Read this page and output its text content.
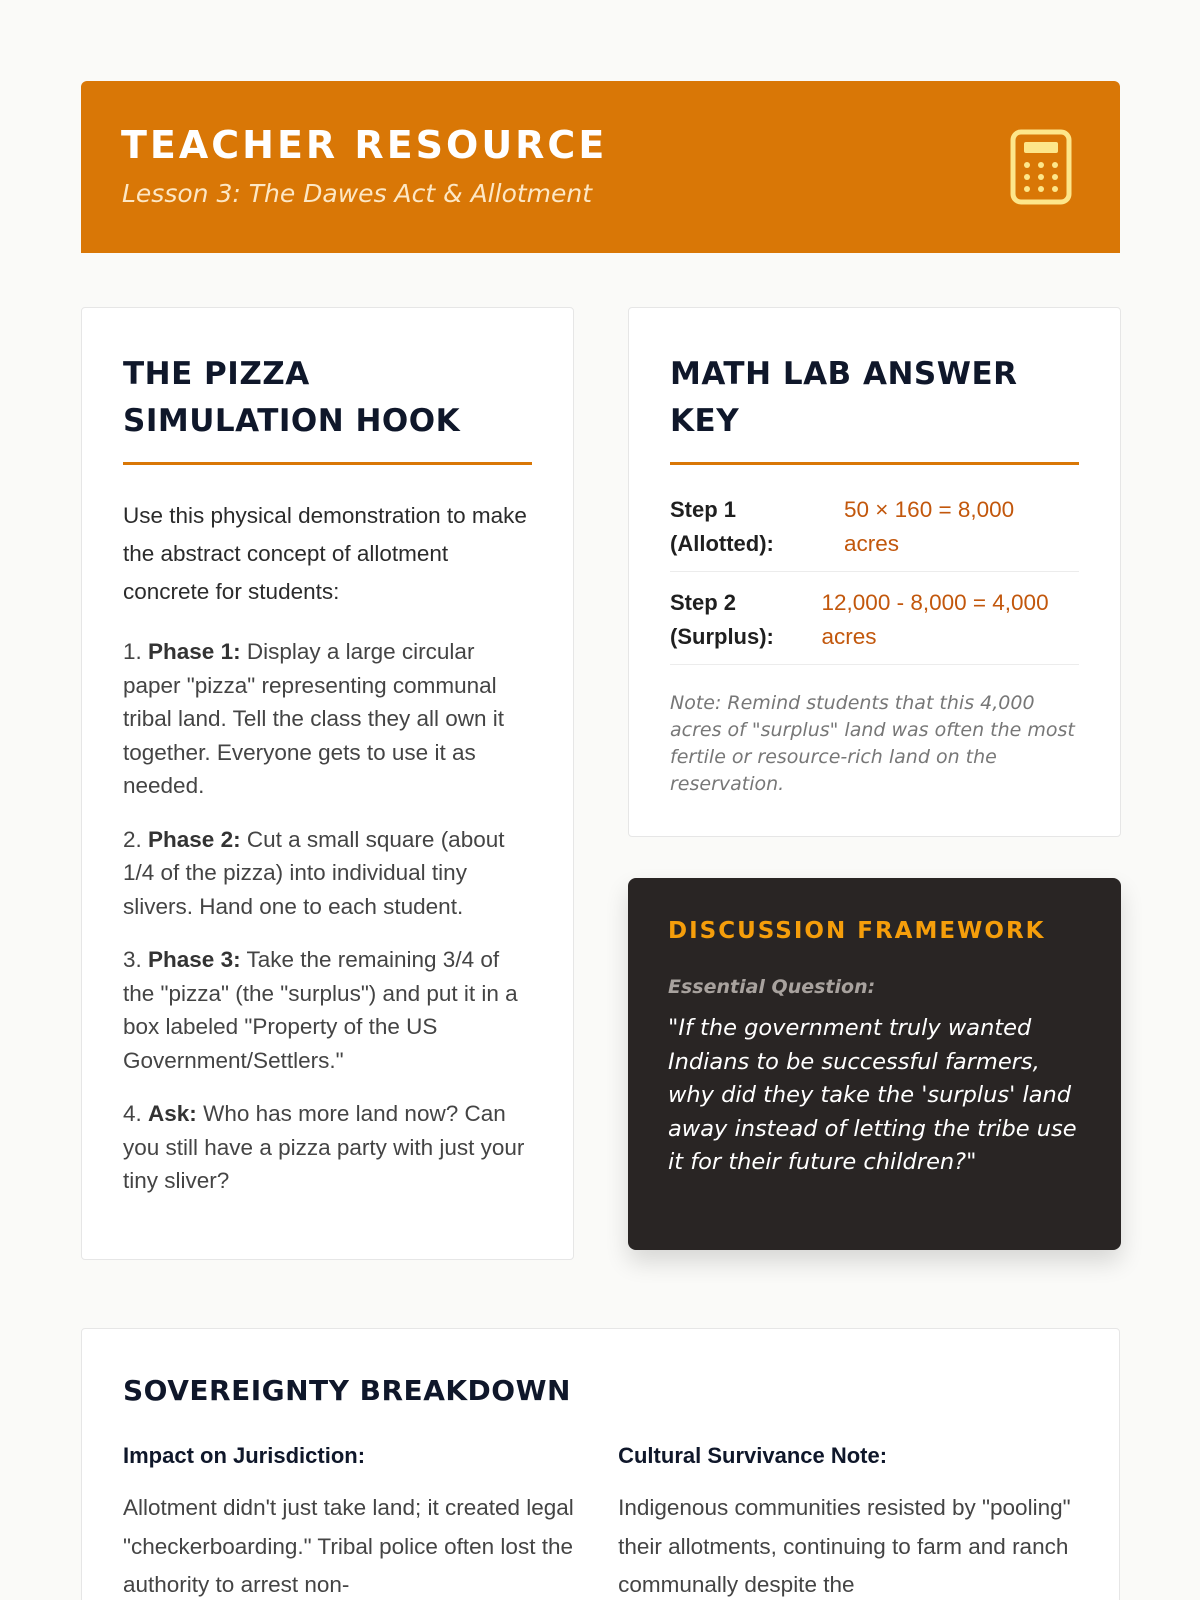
TEACHER RESOURCE
Lesson 3: The Dawes Act & Allotment
THE PIZZA SIMULATION HOOK
Use this physical demonstration to make the abstract concept of allotment concrete for students:
1. Phase 1: Display a large circular paper "pizza" representing communal tribal land. Tell the class they all own it together. Everyone gets to use it as needed.
2. Phase 2: Cut a small square (about 1/4 of the pizza) into individual tiny slivers. Hand one to each student.
3. Phase 3: Take the remaining 3/4 of the "pizza" (the "surplus") and put it in a box labeled "Property of the US Government/Settlers."
4. Ask: Who has more land now? Can you still have a pizza party with just your tiny sliver?
MATH LAB ANSWER KEY
Step 1 (Allotted):
50 × 160 = 8,000 acres
Step 2 (Surplus):
12,000 - 8,000 = 4,000 acres
Note: Remind students that this 4,000 acres of "surplus" land was often the most fertile or resource-rich land on the reservation.
DISCUSSION FRAMEWORK
Essential Question:
"If the government truly wanted Indians to be successful farmers, why did they take the 'surplus' land away instead of letting the tribe use it for their future children?"
SOVEREIGNTY BREAKDOWN
Impact on Jurisdiction:
Allotment didn't just take land; it created legal "checkerboarding." Tribal police often lost the authority to arrest non-
Cultural Survivance Note:
Indigenous communities resisted by "pooling" their allotments, continuing to farm and ranch communally despite the
